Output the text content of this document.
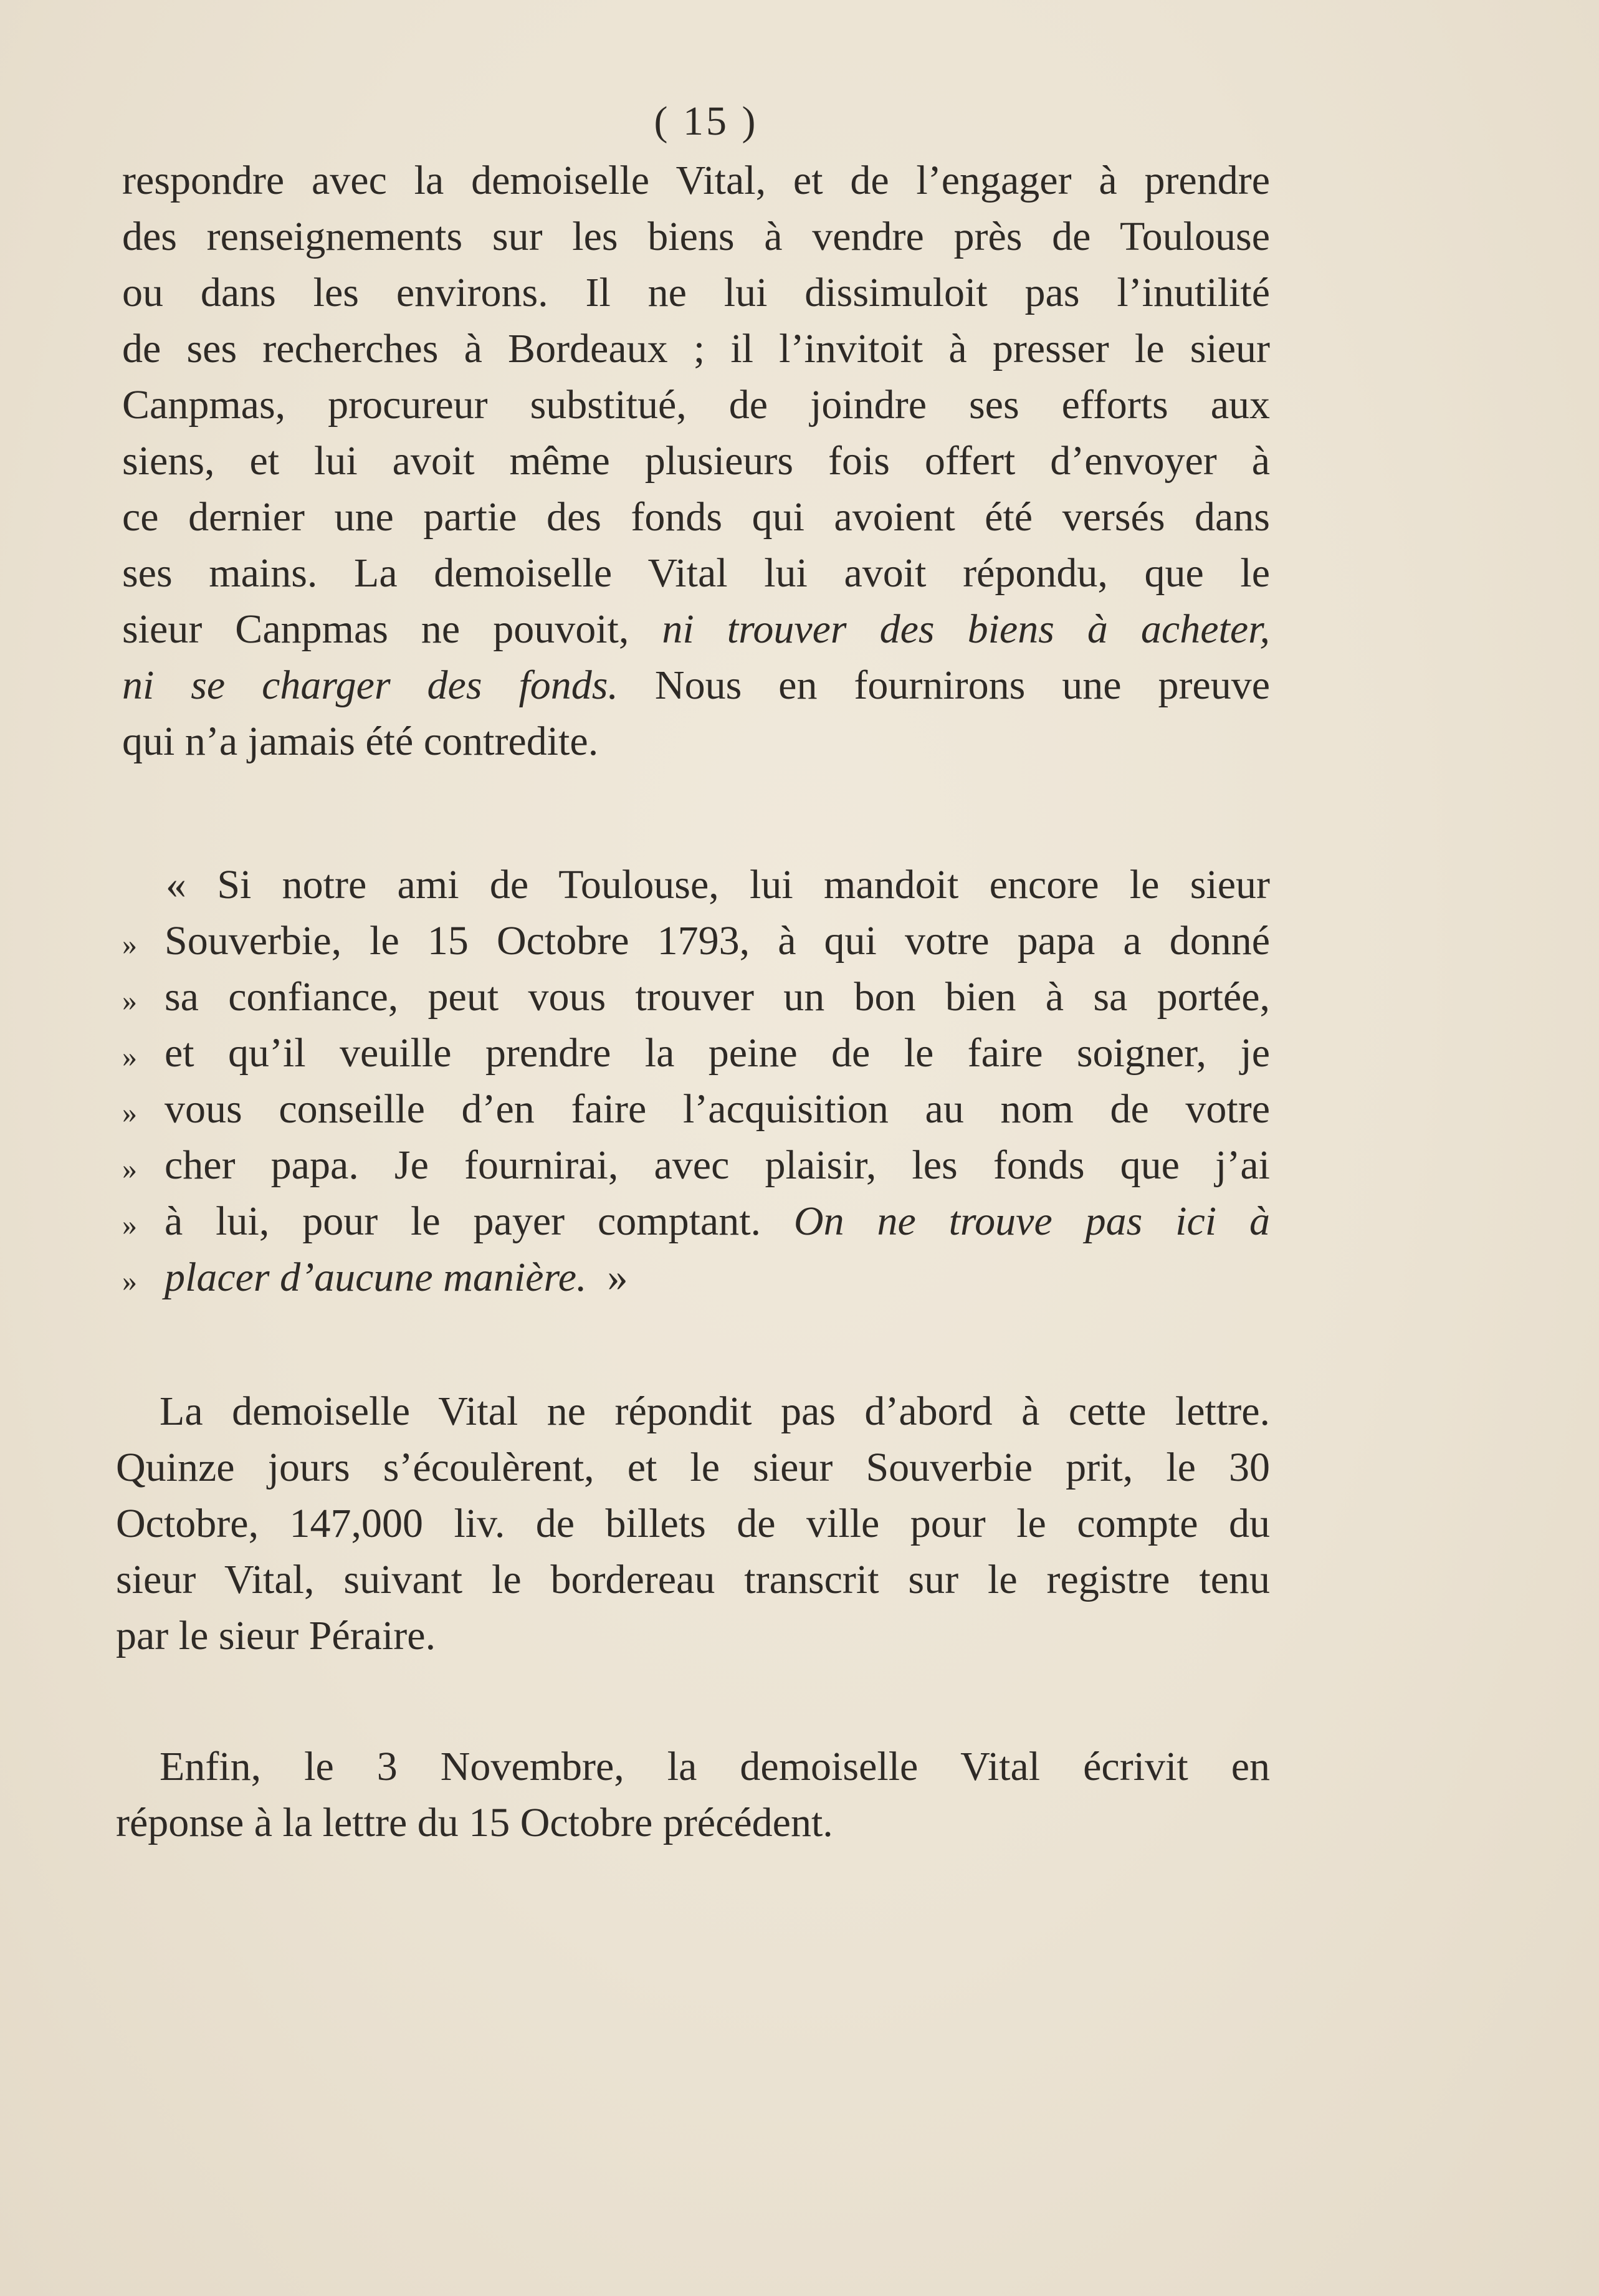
( 15 )
respondre avec la demoiselle Vital, et de l’engager à prendre
des renseignements sur les biens à vendre près de Toulouse
ou dans les environs. Il ne lui dissimuloit pas l’inutilité
de ses recherches à Bordeaux ; il l’invitoit à presser le sieur
Canpmas, procureur substitué, de joindre ses efforts aux
siens, et lui avoit même plusieurs fois offert d’envoyer à
ce dernier une partie des fonds qui avoient été versés dans
ses mains. La demoiselle Vital lui avoit répondu, que le
sieur Canpmas ne pouvoit, ni trouver des biens à acheter,
ni se charger des fonds. Nous en fournirons une preuve
qui n’a jamais été contredite.
« Si notre ami de Toulouse, lui mandoit encore le sieur
» Souverbie, le 15 Octobre 1793, à qui votre papa a donné
» sa confiance, peut vous trouver un bon bien à sa portée,
» et qu’il veuille prendre la peine de le faire soigner, je
» vous conseille d’en faire l’acquisition au nom de votre
» cher papa. Je fournirai, avec plaisir, les fonds que j’ai
» à lui, pour le payer comptant. On ne trouve pas ici à
» placer d’aucune manière. »
La demoiselle Vital ne répondit pas d’abord à cette lettre.
Quinze jours s’écoulèrent, et le sieur Souverbie prit, le 30
Octobre, 147,000 liv. de billets de ville pour le compte du
sieur Vital, suivant le bordereau transcrit sur le registre tenu
par le sieur Péraire.
Enfin, le 3 Novembre, la demoiselle Vital écrivit en
réponse à la lettre du 15 Octobre précédent.
